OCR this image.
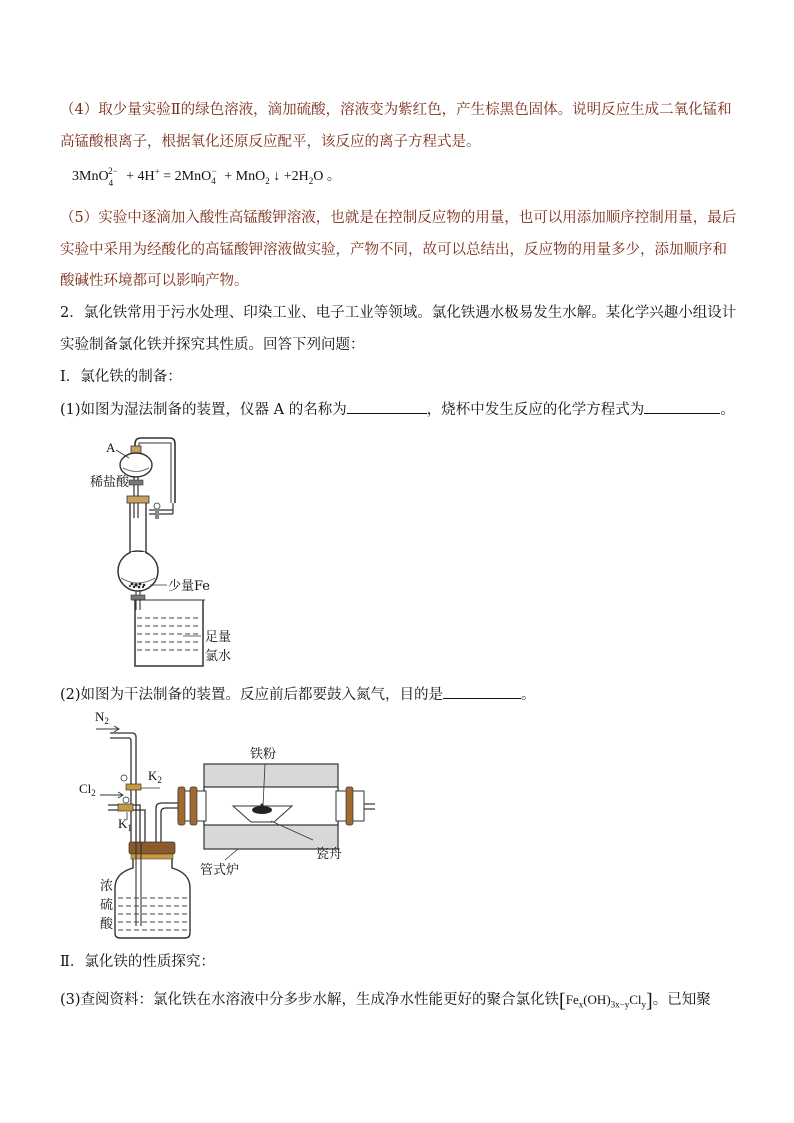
（4）取少量实验Ⅱ的绿色溶液，滴加硫酸，溶液变为紫红色，产生棕黑色固体。说明反应生成二氧化锰和
高锰酸根离子，根据氧化还原反应配平，该反应的离子方程式是。
3MnO$_4^{2-}$ + 4H+ = 2MnO$_4$− + MnO$_2$ ↓ $+2H_2O$ 。
（5）实验中逐滴加入酸性高锰酸钾溶液，也就是在控制反应物的用量，也可以用添加顺序控制用量，最后
实验中采用为经酸化的高锰酸钾溶液做实验，产物不同，故可以总结出，反应物的用量多少，添加顺序和
酸碱性环境都可以影响产物。
2．氯化铁常用于污水处理、印染工业、电子工业等领域。氯化铁遇水极易发生水解。某化学兴趣小组设计
实验制备氯化铁并探究其性质。回答下列问题：
Ⅰ．氯化铁的制备：
(1)如图为湿法制备的装置，仪器 A 的名称为	，烧杯中发生反应的化学方程式为	。
A
稀盐酸
少量Fe
足量
氯水
(2)如图为干法制备的装置。反应前后都要鼓入氮气，目的是	。
$N_2$
$K_2$
$Cl_2$
$K_1$
铁粉
管式炉
瓷舟
浓
硫
酸
Ⅱ．氯化铁的性质探究：
(3)查阅资料：氯化铁在水溶液中分多步水解，生成净水性能更好的聚合氯化铁$[Fe_x(OH)_{3x-y}Cl_y]$。已知聚
